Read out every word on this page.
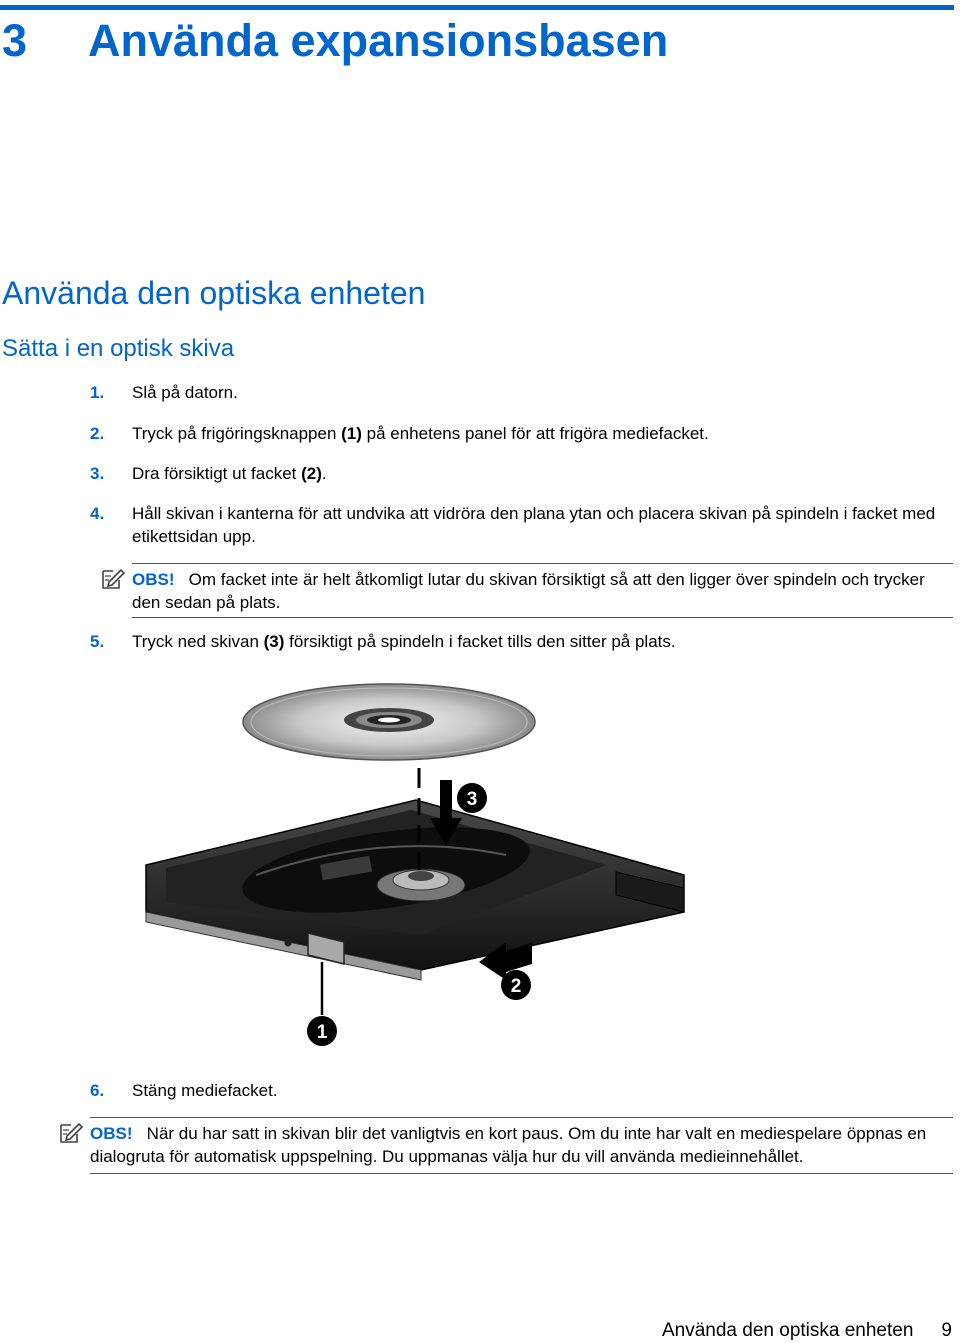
3 Använda expansionsbasen
Använda den optiska enheten
Sätta i en optisk skiva
1. Slå på datorn.
2. Tryck på frigöringsknappen (1) på enhetens panel för att frigöra mediefacket.
3. Dra försiktigt ut facket (2).
4. Håll skivan i kanterna för att undvika att vidröra den plana ytan och placera skivan på spindeln i facket med etikettsidan upp.
OBS! Om facket inte är helt åtkomligt lutar du skivan försiktigt så att den ligger över spindeln och trycker den sedan på plats.
5. Tryck ned skivan (3) försiktigt på spindeln i facket tills den sitter på plats.
1
2
3
6. Stäng mediefacket.
OBS! När du har satt in skivan blir det vanligtvis en kort paus. Om du inte har valt en mediespelare öppnas en dialogruta för automatisk uppspelning. Du uppmanas välja hur du vill använda medieinnehållet.
Använda den optiska enheten 9
